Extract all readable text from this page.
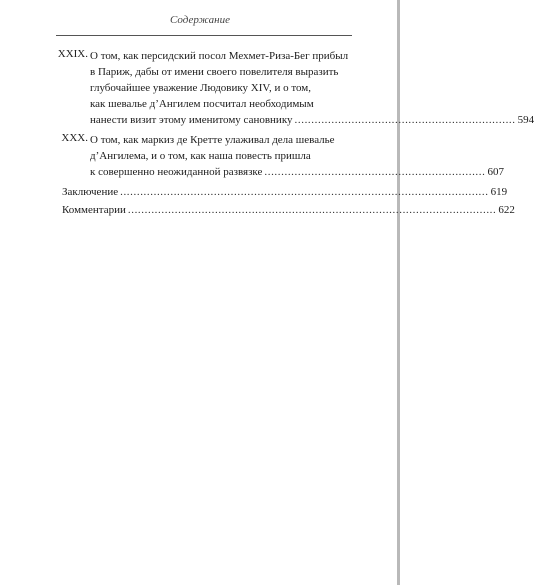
Содержание
XXIX. О том, как персидский посол Мехмет-Риза-Бег прибыл
в Париж, дабы от имени своего повелителя выразить
глубочайшее уважение Людовику XIV, и о том,
как шевалье д’Ангилем посчитал необходимым
нанести визит этому именитому сановнику .................................................................. 594
XXX. О том, как маркиз де Кретте улаживал дела шевалье
д’Ангилема, и о том, как наша повесть пришла
к совершенно неожиданной развязке .................................................................. 607
Заключение .............................................................................................................. 619
Комментарии .............................................................................................................. 622
